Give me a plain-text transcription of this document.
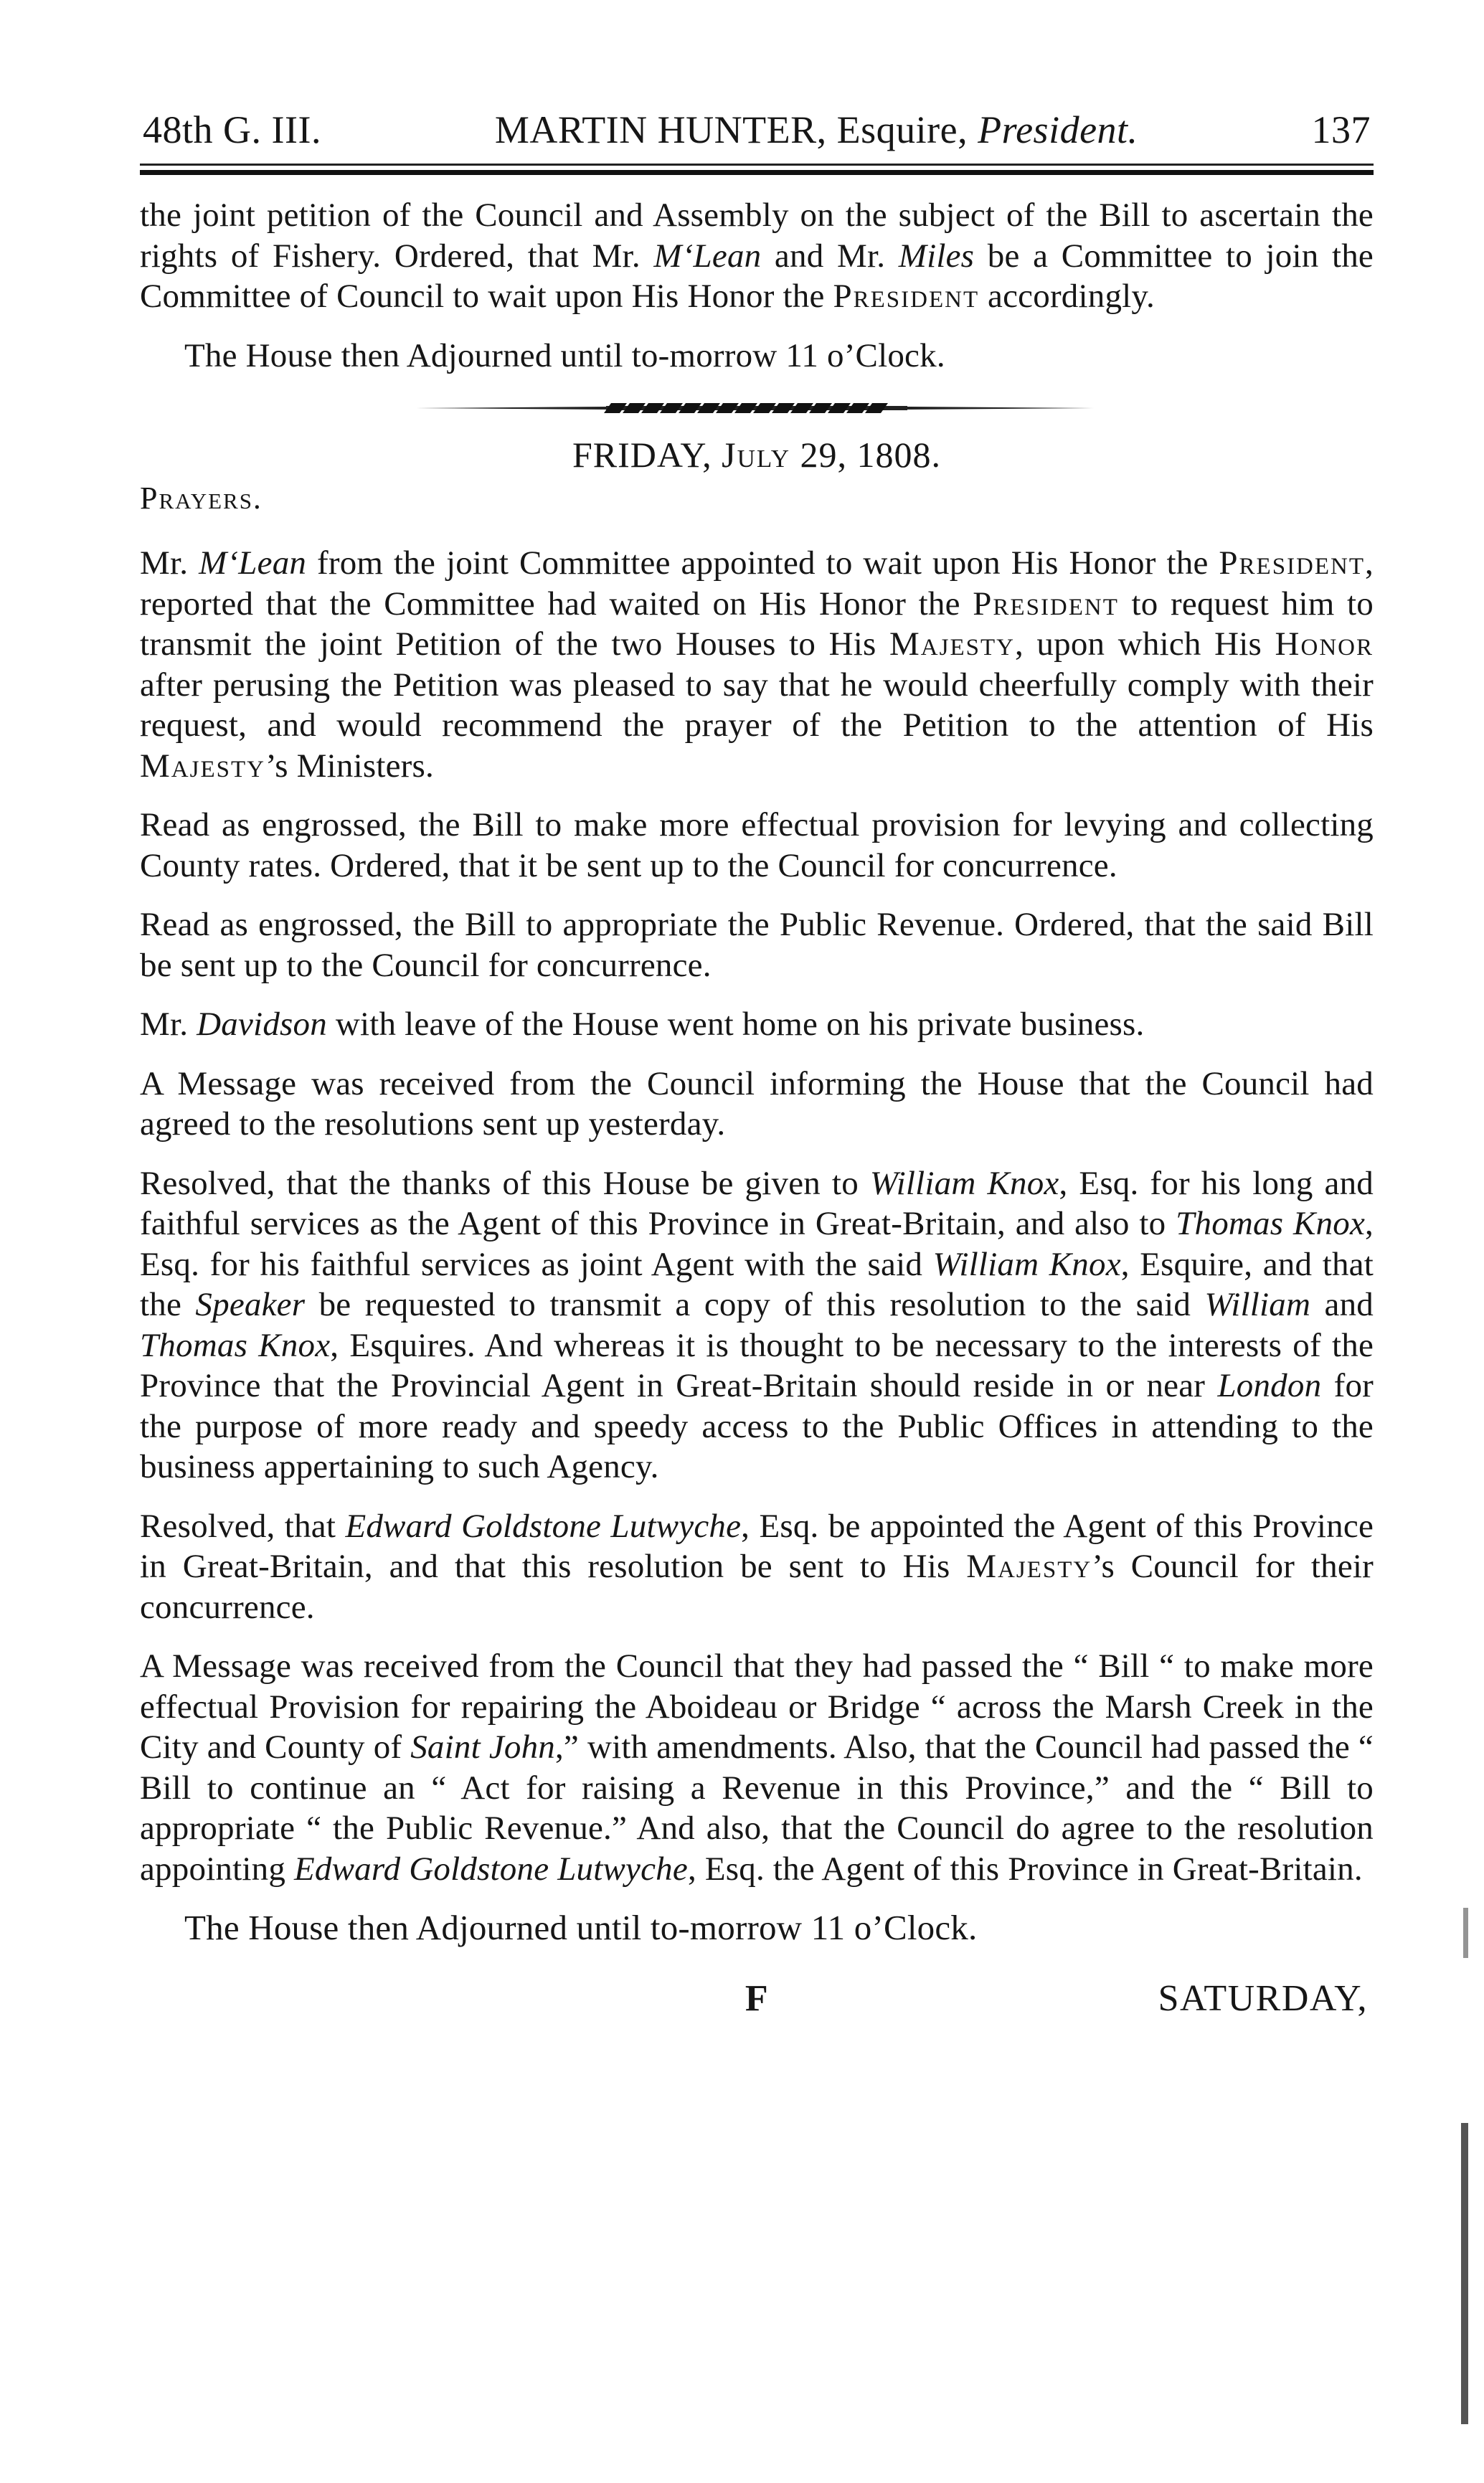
48th G. III.	MARTIN HUNTER, Esquire, President.	137

the joint petition of the Council and Assembly on the subject of the Bill to ascertain the rights of Fishery. Ordered, that Mr. M‘Lean and Mr. Miles be a Committee to join the Committee of Council to wait upon His Honor the President accordingly.

The House then Adjourned until to-morrow 11 o’Clock.

FRIDAY, July 29, 1808.
Prayers.

Mr. M‘Lean from the joint Committee appointed to wait upon His Honor the President, reported that the Committee had waited on His Honor the President to request him to transmit the joint Petition of the two Houses to His Majesty, upon which His Honor after perusing the Petition was pleased to say that he would cheerfully comply with their request, and would recommend the prayer of the Petition to the attention of His Majesty’s Ministers.

Read as engrossed, the Bill to make more effectual provision for levying and collecting County rates. Ordered, that it be sent up to the Council for concurrence.

Read as engrossed, the Bill to appropriate the Public Revenue. Ordered, that the said Bill be sent up to the Council for concurrence.

Mr. Davidson with leave of the House went home on his private business.

A Message was received from the Council informing the House that the Council had agreed to the resolutions sent up yesterday.

Resolved, that the thanks of this House be given to William Knox, Esq. for his long and faithful services as the Agent of this Province in Great-Britain, and also to Thomas Knox, Esq. for his faithful services as joint Agent with the said William Knox, Esquire, and that the Speaker be requested to transmit a copy of this resolution to the said William and Thomas Knox, Esquires. And whereas it is thought to be necessary to the interests of the Province that the Provincial Agent in Great-Britain should reside in or near London for the purpose of more ready and speedy access to the Public Offices in attending to the business appertaining to such Agency.

Resolved, that Edward Goldstone Lutwyche, Esq. be appointed the Agent of this Province in Great-Britain, and that this resolution be sent to His Majesty’s Council for their concurrence.

A Message was received from the Council that they had passed the “ Bill “ to make more effectual Provision for repairing the Aboideau or Bridge “ across the Marsh Creek in the City and County of Saint John,” with amendments. Also, that the Council had passed the “ Bill to continue an “ Act for raising a Revenue in this Province,” and the “ Bill to appropriate “ the Public Revenue.” And also, that the Council do agree to the resolution appointing Edward Goldstone Lutwyche, Esq. the Agent of this Province in Great-Britain.

The House then Adjourned until to-morrow 11 o’Clock.

F	SATURDAY,
